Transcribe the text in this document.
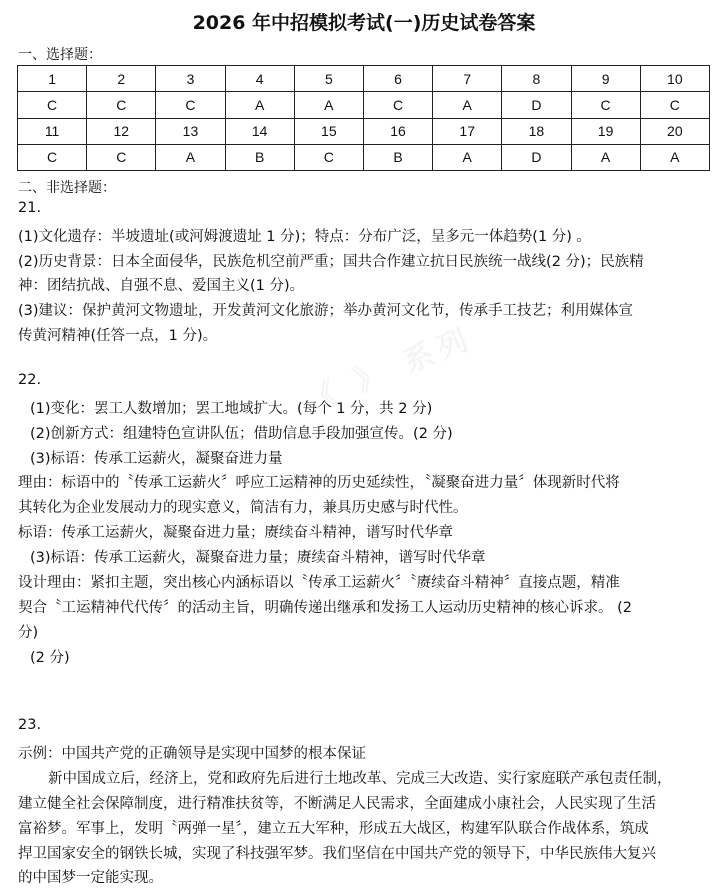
2026 年中招模拟考试(一)历史试卷答案
一、选择题：
1	2	3	4	5	6	7	8	9	10
C	C	C	A	A	C	A	D	C	C
11	12	13	14	15	16	17	18	19	20
C	C	A	B	C	B	A	D	A	A
二、非选择题：
21.
(1)文化遗存：半坡遗址(或河姆渡遗址 1 分)；特点：分布广泛，呈多元一体趋势(1 分) 。
(2)历史背景：日本全面侵华，民族危机空前严重；国共合作建立抗日民族统一战线(2 分)；民族精
神：团结抗战、自强不息、爱国主义(1 分)。
(3)建议：保护黄河文物遗址，开发黄河文化旅游；举办黄河文化节，传承手工技艺；利用媒体宣
传黄河精神(任答一点，1 分)。
22.
(1)变化：罢工人数增加；罢工地域扩大。(每个 1 分，共 2 分)
(2)创新方式：组建特色宣讲队伍；借助信息手段加强宣传。(2 分)
(3)标语：传承工运薪火，凝聚奋进力量
理由：标语中的〝传承工运薪火〞呼应工运精神的历史延续性，〝凝聚奋进力量〞体现新时代将
其转化为企业发展动力的现实意义，简洁有力，兼具历史感与时代性。
标语：传承工运薪火，凝聚奋进力量；赓续奋斗精神，谱写时代华章
(3)标语：传承工运薪火，凝聚奋进力量；赓续奋斗精神，谱写时代华章
设计理由：紧扣主题，突出核心内涵标语以〝传承工运薪火〞〝赓续奋斗精神〞直接点题，精准
契合〝工运精神代代传〞的活动主旨，明确传递出继承和发扬工人运动历史精神的核心诉求。 (2
分)
(2 分)
23.
示例：中国共产党的正确领导是实现中国梦的根本保证
新中国成立后，经济上，党和政府先后进行土地改革、完成三大改造、实行家庭联产承包责任制，
建立健全社会保障制度，进行精准扶贫等，不断满足人民需求，全面建成小康社会，人民实现了生活
富裕梦。军事上，发明〝两弹一星〞，建立五大军种，形成五大战区，构建军队联合作战体系，筑成
捍卫国家安全的钢铁长城，实现了科技强军梦。我们坚信在中国共产党的领导下，中华民族伟大复兴
的中国梦一定能实现。
